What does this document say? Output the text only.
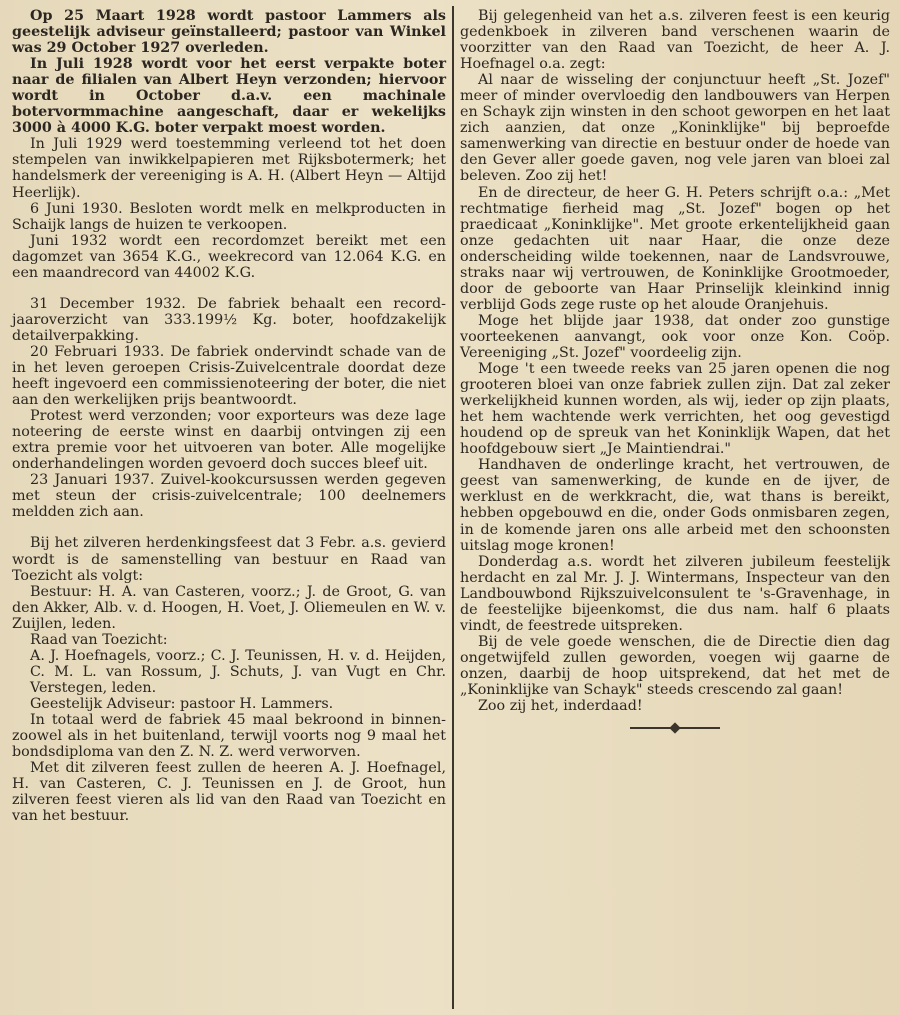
Op 25 Maart 1928 wordt pastoor Lammers als geestelijk adviseur geïnstalleerd; pastoor van Winkel was 29 October 1927 overleden.

In Juli 1928 wordt voor het eerst verpakte boter naar de filialen van Albert Heyn verzonden; hiervoor wordt in October d.a.v. een machinale botervormmachine aangeschaft, daar er wekelijks 3000 à 4000 K.G. boter verpakt moest worden.

In Juli 1929 werd toestemming verleend tot het doen stempelen van inwikkelpapieren met Rijksbotermerk; het handelsmerk der vereeniging is A. H. (Albert Heyn — Altijd Heerlijk).

6 Juni 1930. Besloten wordt melk en melkproducten in Schaijk langs de huizen te verkoopen.

Juni 1932 wordt een recordomzet bereikt met een dagomzet van 3654 K.G., weekrecord van 12.064 K.G. en een maandrecord van 44002 K.G.

31 December 1932. De fabriek behaalt een record-jaaroverzicht van 333.199½ Kg. boter, hoofdzakelijk detailverpakking.

20 Februari 1933. De fabriek ondervindt schade van de in het leven geroepen Crisis-Zuivelcentrale doordat deze heeft ingevoerd een commissienoteering der boter, die niet aan den werkelijken prijs beantwoordt.

Protest werd verzonden; voor exporteurs was deze lage noteering de eerste winst en daarbij ontvingen zij een extra premie voor het uitvoeren van boter. Alle mogelijke onderhandelingen worden gevoerd doch succes bleef uit.

23 Januari 1937. Zuivel-kookcursussen werden gegeven met steun der crisis-zuivelcentrale; 100 deelnemers meldden zich aan.

Bij het zilveren herdenkingsfeest dat 3 Febr. a.s. gevierd wordt is de samenstelling van bestuur en Raad van Toezicht als volgt:

Bestuur: H. A. van Casteren, voorz.; J. de Groot, G. van den Akker, Alb. v. d. Hoogen, H. Voet, J. Oliemeulen en W. v. Zuijlen, leden.

Raad van Toezicht:

A. J. Hoefnagels, voorz.; C. J. Teunissen, H. v. d. Heijden, C. M. L. van Rossum, J. Schuts, J. van Vugt en Chr. Verstegen, leden.

Geestelijk Adviseur: pastoor H. Lammers.

In totaal werd de fabriek 45 maal bekroond in binnen- zoowel als in het buitenland, terwijl voorts nog 9 maal het bondsdiploma van den Z. N. Z. werd verworven.

Met dit zilveren feest zullen de heeren A. J. Hoefnagel, H. van Casteren, C. J. Teunissen en J. de Groot, hun zilveren feest vieren als lid van den Raad van Toezicht en van het bestuur.

Bij gelegenheid van het a.s. zilveren feest is een keurig gedenkboek in zilveren band verschenen waarin de voorzitter van den Raad van Toezicht, de heer A. J. Hoefnagel o.a. zegt:

Al naar de wisseling der conjunctuur heeft „St. Jozef" meer of minder overvloedig den landbouwers van Herpen en Schayk zijn winsten in den schoot geworpen en het laat zich aanzien, dat onze „Koninklijke" bij beproefde samenwerking van directie en bestuur onder de hoede van den Gever aller goede gaven, nog vele jaren van bloei zal beleven. Zoo zij het!

En de directeur, de heer G. H. Peters schrijft o.a.: „Met rechtmatige fierheid mag „St. Jozef" bogen op het praedicaat „Koninklijke". Met groote erkentelijkheid gaan onze gedachten uit naar Haar, die onze deze onderscheiding wilde toekennen, naar de Landsvrouwe, straks naar wij vertrouwen, de Koninklijke Grootmoeder, door de geboorte van Haar Prinselijk kleinkind innig verblijd Gods zege ruste op het aloude Oranjehuis.

Moge het blijde jaar 1938, dat onder zoo gunstige voorteekenen aanvangt, ook voor onze Kon. Coöp. Vereeniging „St. Jozef" voordeelig zijn.

Moge 't een tweede reeks van 25 jaren openen die nog grooteren bloei van onze fabriek zullen zijn. Dat zal zeker werkelijkheid kunnen worden, als wij, ieder op zijn plaats, het hem wachtende werk verrichten, het oog gevestigd houdend op de spreuk van het Koninklijk Wapen, dat het hoofdgebouw siert „Je Maintiendrai."

Handhaven de onderlinge kracht, het vertrouwen, de geest van samenwerking, de kunde en de ijver, de werklust en de werkkracht, die, wat thans is bereikt, hebben opgebouwd en die, onder Gods onmisbaren zegen, in de komende jaren ons alle arbeid met den schoonsten uitslag moge kronen!

Donderdag a.s. wordt het zilveren jubileum feestelijk herdacht en zal Mr. J. J. Wintermans, Inspecteur van den Landbouwbond Rijkszuivelconsulent te 's-Gravenhage, in de feestelijke bijeenkomst, die dus nam. half 6 plaats vindt, de feestrede uitspreken.

Bij de vele goede wenschen, die de Directie dien dag ongetwijfeld zullen geworden, voegen wij gaarne de onzen, daarbij de hoop uitsprekend, dat het met de „Koninklijke van Schayk" steeds crescendo zal gaan!

Zoo zij het, inderdaad!
